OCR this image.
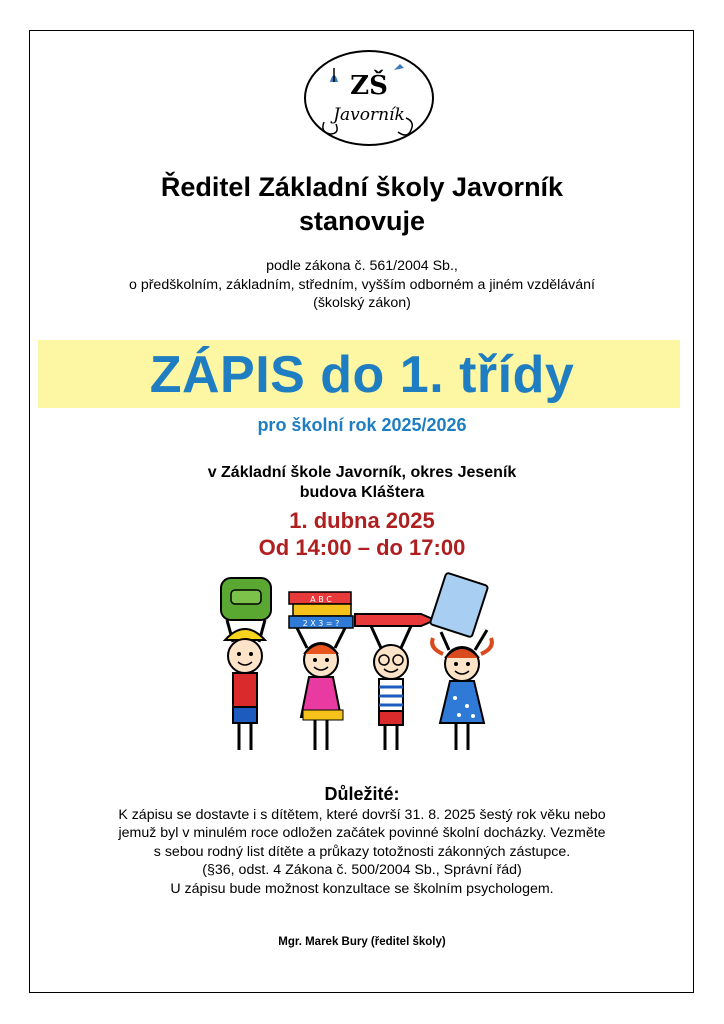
ZŠ
Javorník
Ředitel Základní školy Javorník
stanovuje
podle zákona č. 561/2004 Sb.,
o předškolním, základním, středním, vyšším odborném a jiném vzdělávání
(školský zákon)
ZÁPIS do 1. třídy
pro školní rok 2025/2026
v Základní škole Javorník, okres Jeseník
budova Kláštera
1. dubna 2025
Od 14:00 – do 17:00
A B C
2 X 3 = ?
Důležité:
K zápisu se dostavte i s dítětem, které dovrší 31. 8. 2025 šestý rok věku nebo
jemuž byl v minulém roce odložen začátek povinné školní docházky. Vezměte
s sebou rodný list dítěte a průkazy totožnosti zákonných zástupce.
(§36, odst. 4 Zákona č. 500/2004 Sb., Správní řád)
U zápisu bude možnost konzultace se školním psychologem.
Mgr. Marek Bury (ředitel školy)
